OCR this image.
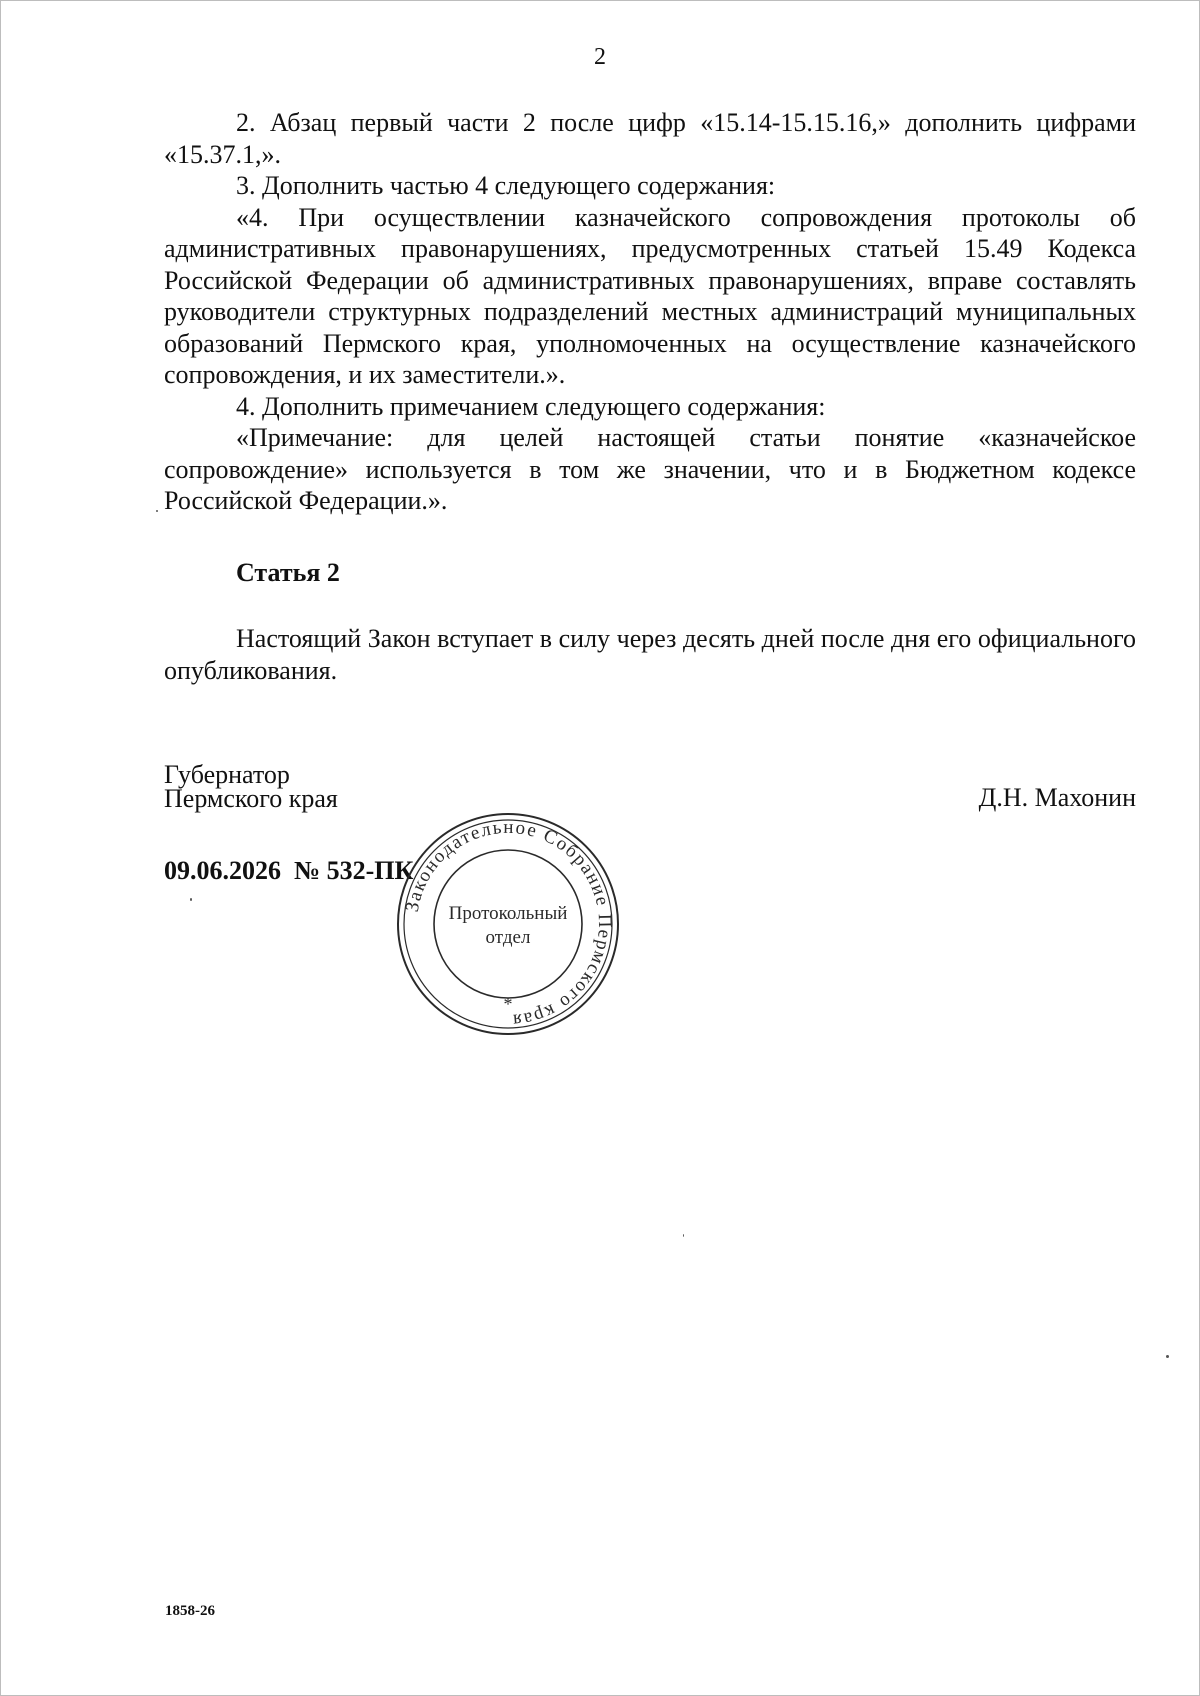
2

2. Абзац первый части 2 после цифр «15.14-15.15.16,» дополнить цифрами «15.37.1,».

3. Дополнить частью 4 следующего содержания:

«4. При осуществлении казначейского сопровождения протоколы об административных правонарушениях, предусмотренных статьей 15.49 Кодекса Российской Федерации об административных правонарушениях, вправе составлять руководители структурных подразделений местных администраций муниципальных образований Пермского края, уполномоченных на осуществление казначейского сопровождения, и их заместители.».

4. Дополнить примечанием следующего содержания:

«Примечание: для целей настоящей статьи понятие «казначейское сопровождение» используется в том же значении, что и в Бюджетном кодексе Российской Федерации.».

Статья 2

Настоящий Закон вступает в силу через десять дней после дня его официального опубликования.

Губернатор
Пермского края	Д.Н. Махонин
09.06.2026 № 532-ПК
Законодательное Собрание Пермского края
*
Протокольный
отдел
1858-26
